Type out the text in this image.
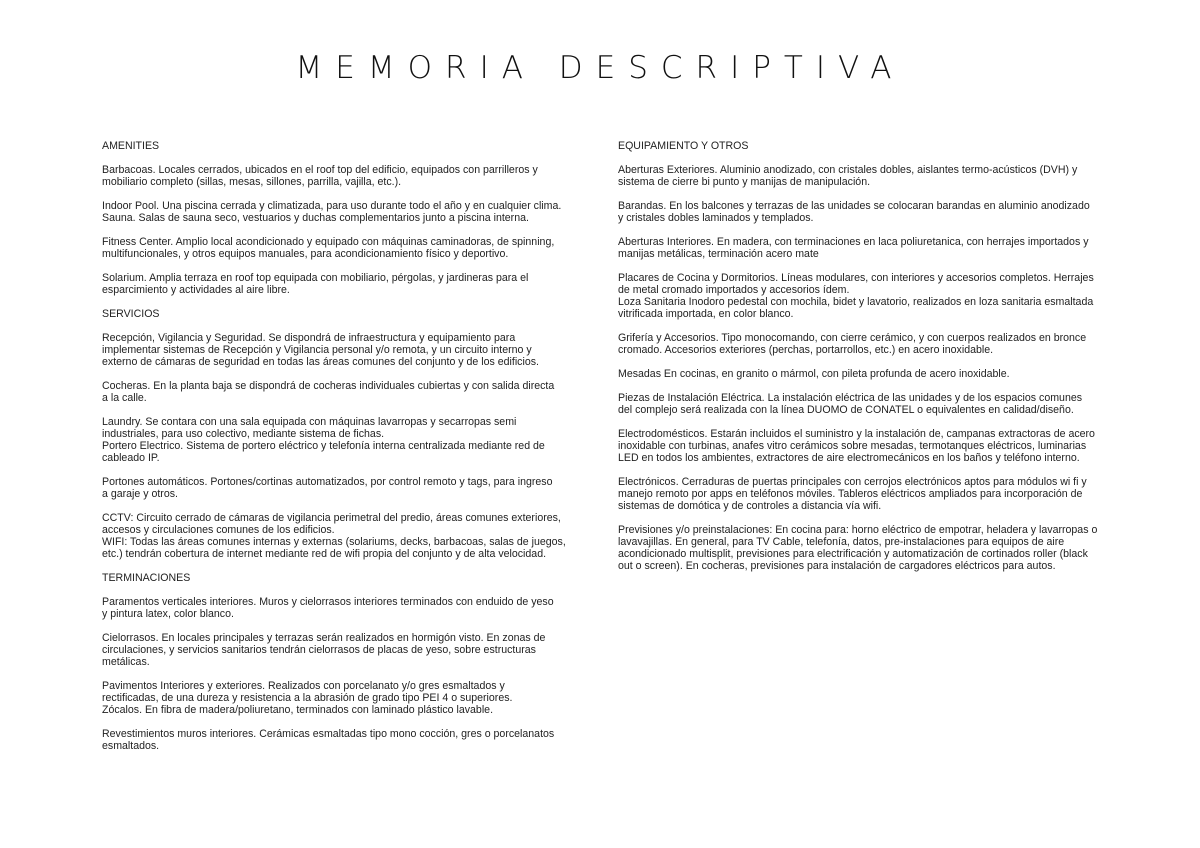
MEMORIA DESCRIPTIVA
AMENITIES
Barbacoas. Locales cerrados, ubicados en el roof top del edificio, equipados con parrilleros y
mobiliario completo (sillas, mesas, sillones, parrilla, vajilla, etc.).
Indoor Pool. Una piscina cerrada y climatizada, para uso durante todo el año y en cualquier clima.
Sauna. Salas de sauna seco, vestuarios y duchas complementarios junto a piscina interna.
Fitness Center. Amplio local acondicionado y equipado con máquinas caminadoras, de spinning,
multifuncionales, y otros equipos manuales, para acondicionamiento físico y deportivo.
Solarium. Amplia terraza en roof top equipada con mobiliario, pérgolas, y jardineras para el
esparcimiento y actividades al aire libre.
SERVICIOS
Recepción, Vigilancia y Seguridad. Se dispondrá de infraestructura y equipamiento para
implementar sistemas de Recepción y Vigilancia personal y/o remota, y un circuito interno y
externo de cámaras de seguridad en todas las áreas comunes del conjunto y de los edificios.
Cocheras. En la planta baja se dispondrá de cocheras individuales cubiertas y con salida directa
a la calle.
Laundry. Se contara con una sala equipada con máquinas lavarropas y secarropas semi
industriales, para uso colectivo, mediante sistema de fichas.
Portero Electrico. Sistema de portero eléctrico y telefonía interna centralizada mediante red de
cableado IP.
Portones automáticos. Portones/cortinas automatizados, por control remoto y tags, para ingreso
a garaje y otros.
CCTV: Circuito cerrado de cámaras de vigilancia perimetral del predio, áreas comunes exteriores,
accesos y circulaciones comunes de los edificios.
WIFI: Todas las áreas comunes internas y externas (solariums, decks, barbacoas, salas de juegos,
etc.) tendrán cobertura de internet mediante red de wifi propia del conjunto y de alta velocidad.
TERMINACIONES
Paramentos verticales interiores. Muros y cielorrasos interiores terminados con enduido de yeso
y pintura latex, color blanco.
Cielorrasos. En locales principales y terrazas serán realizados en hormigón visto. En zonas de
circulaciones, y servicios sanitarios tendrán cielorrasos de placas de yeso, sobre estructuras
metálicas.
Pavimentos Interiores y exteriores. Realizados con porcelanato y/o gres esmaltados y
rectificadas, de una dureza y resistencia a la abrasión de grado tipo PEI 4 o superiores.
Zócalos. En fibra de madera/poliuretano, terminados con laminado plástico lavable.
Revestimientos muros interiores. Cerámicas esmaltadas tipo mono cocción, gres o porcelanatos
esmaltados.
EQUIPAMIENTO Y OTROS
Aberturas Exteriores. Aluminio anodizado, con cristales dobles, aislantes termo-acústicos (DVH) y
sistema de cierre bi punto y manijas de manipulación.
Barandas. En los balcones y terrazas de las unidades se colocaran barandas en aluminio anodizado
y cristales dobles laminados y templados.
Aberturas Interiores. En madera, con terminaciones en laca poliuretanica, con herrajes importados y
manijas metálicas, terminación acero mate
Placares de Cocina y Dormitorios. Líneas modulares, con interiores y accesorios completos. Herrajes
de metal cromado importados y accesorios ídem.
Loza Sanitaria Inodoro pedestal con mochila, bidet y lavatorio, realizados en loza sanitaria esmaltada
vitrificada importada, en color blanco.
Grifería y Accesorios. Tipo monocomando, con cierre cerámico, y con cuerpos realizados en bronce
cromado. Accesorios exteriores (perchas, portarrollos, etc.) en acero inoxidable.
Mesadas En cocinas, en granito o mármol, con pileta profunda de acero inoxidable.
Piezas de Instalación Eléctrica. La instalación eléctrica de las unidades y de los espacios comunes
del complejo será realizada con la línea DUOMO de CONATEL o equivalentes en calidad/diseño.
Electrodomésticos. Estarán incluidos el suministro y la instalación de, campanas extractoras de acero
inoxidable con turbinas, anafes vitro cerámicos sobre mesadas, termotanques eléctricos, luminarias
LED en todos los ambientes, extractores de aire electromecánicos en los baños y teléfono interno.
Electrónicos. Cerraduras de puertas principales con cerrojos electrónicos aptos para módulos wi fi y
manejo remoto por apps en teléfonos móviles. Tableros eléctricos ampliados para incorporación de
sistemas de domótica y de controles a distancia vía wifi.
Previsiones y/o preinstalaciones: En cocina para: horno eléctrico de empotrar, heladera y lavarropas o
lavavajillas. En general, para TV Cable, telefonía, datos, pre-instalaciones para equipos de aire
acondicionado multisplit, previsiones para electrificación y automatización de cortinados roller (black
out o screen). En cocheras, previsiones para instalación de cargadores eléctricos para autos.
